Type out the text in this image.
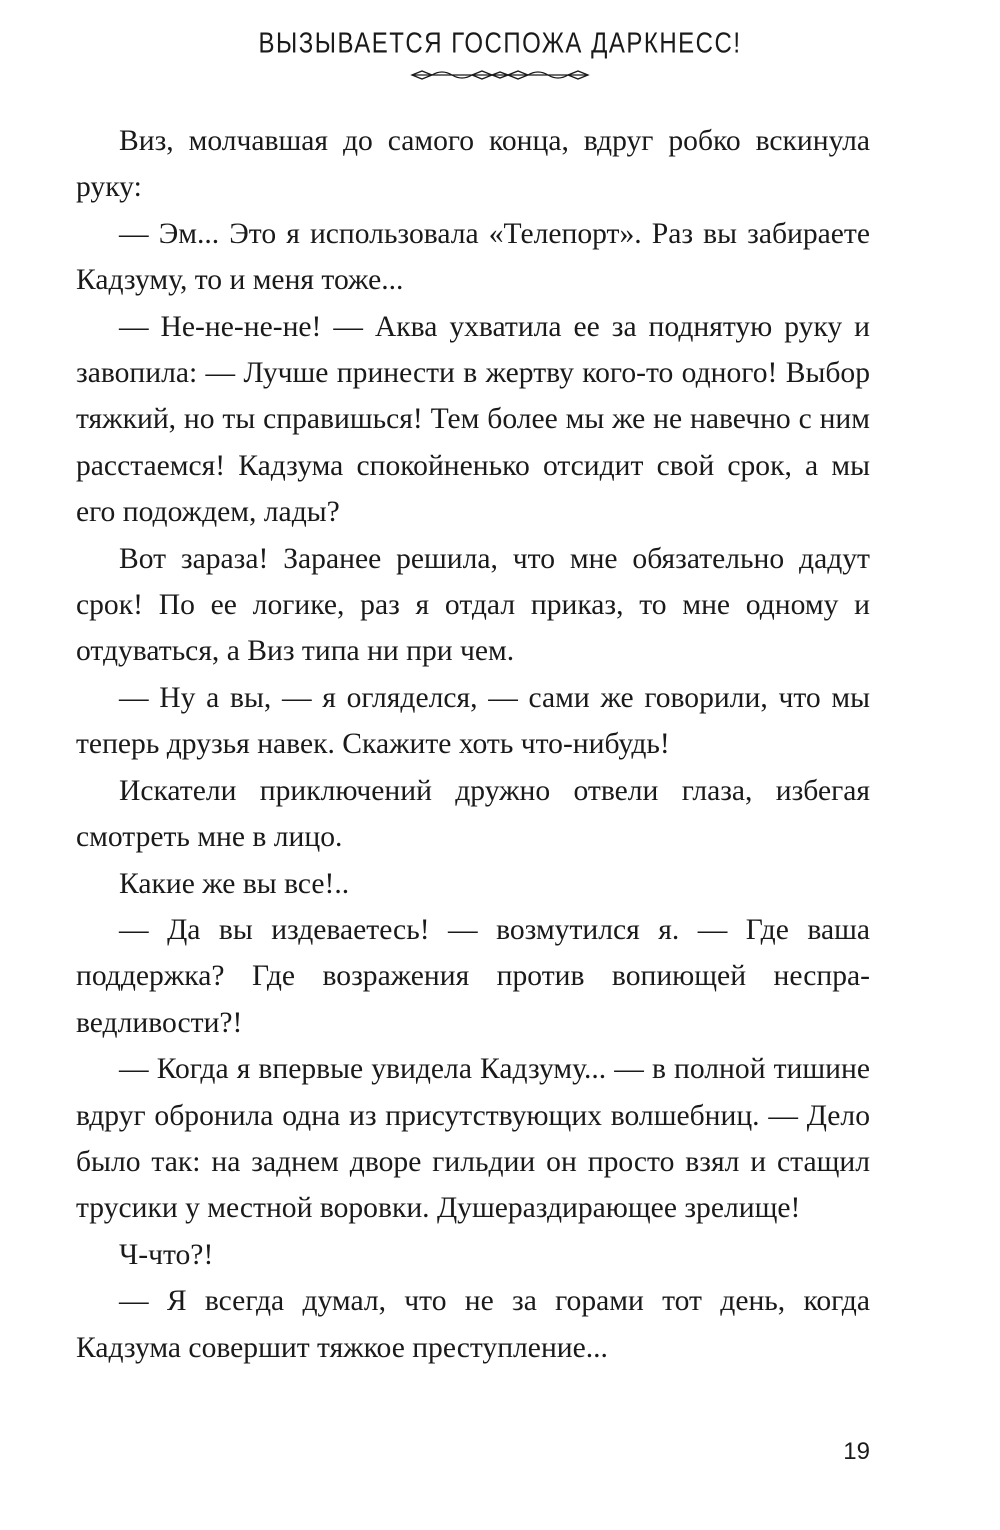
ВЫЗЫВАЕТСЯ ГОСПОЖА ДАРКНЕСС!

Виз, молчавшая до самого конца, вдруг робко вскинула руку:

— Эм... Это я использовала «Телепорт». Раз вы забираете Кадзуму, то и меня тоже...

— Не-не-не-не! — Аква ухватила ее за поднятую руку и завопила: — Лучше принести в жертву кого-то одного! Выбор тяжкий, но ты справишься! Тем более мы же не навечно с ним расстаемся! Кадзума спокойненько отсидит свой срок, а мы его подождем, лады?

Вот зараза! Заранее решила, что мне обязательно дадут срок! По ее логике, раз я отдал приказ, то мне одному и отдуваться, а Виз типа ни при чем.

— Ну а вы, — я огляделся, — сами же говорили, что мы теперь друзья навек. Скажите хоть что-нибудь!

Искатели приключений дружно отвели глаза, избегая смотреть мне в лицо.

Какие же вы все!..

— Да вы издеваетесь! — возмутился я. — Где ваша поддержка? Где возражения против вопиющей несправедливости?!

— Когда я впервые увидела Кадзуму... — в полной тишине вдруг обронила одна из присутствующих волшебниц. — Дело было так: на заднем дворе гильдии он просто взял и стащил трусики у местной воровки. Душераздирающее зрелище!

Ч-что?!

— Я всегда думал, что не за горами тот день, когда Кадзума совершит тяжкое преступление...

19
